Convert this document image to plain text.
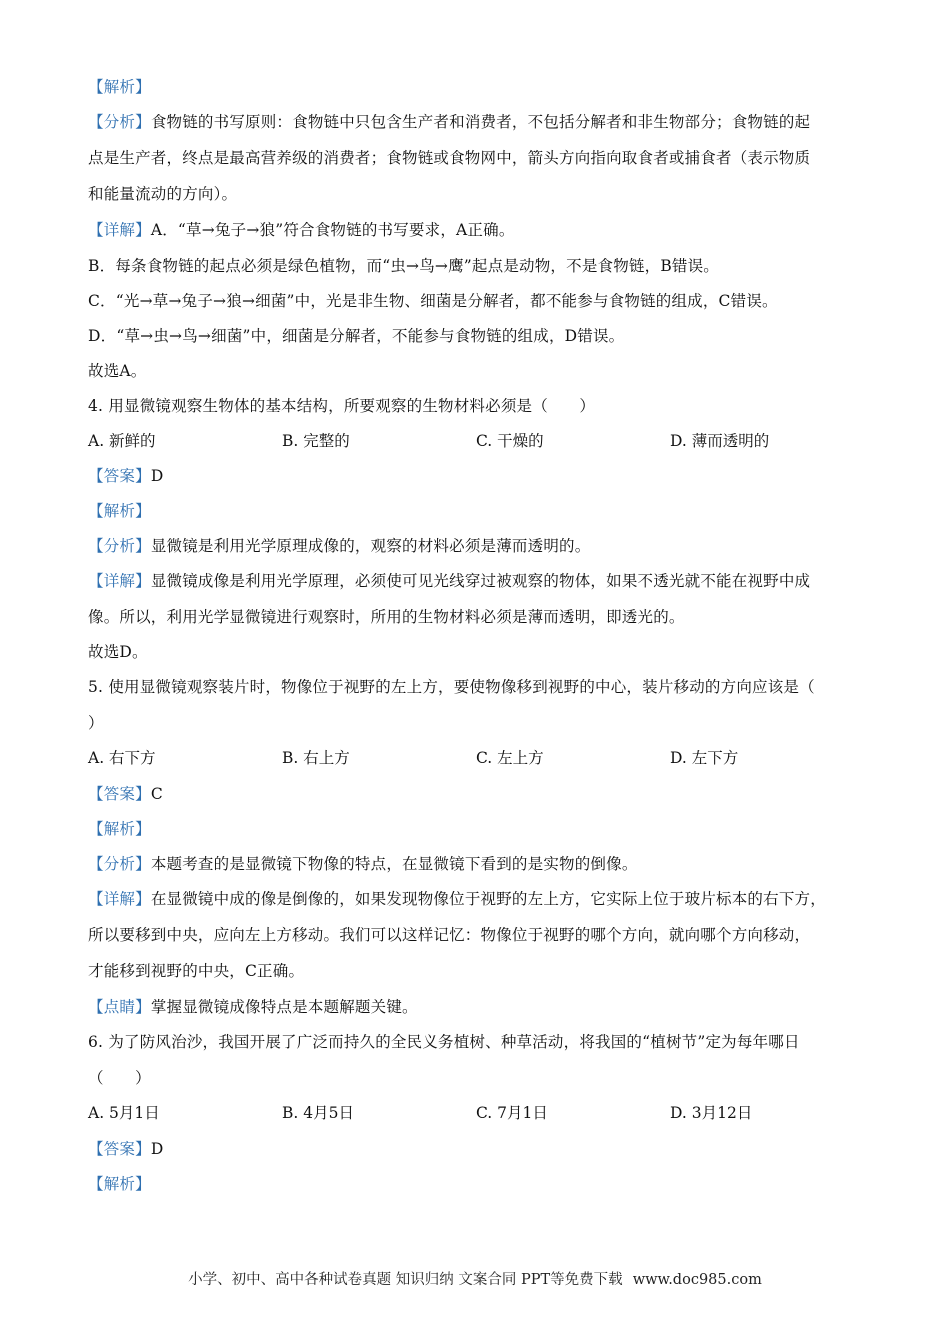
【解析】
【分析】食物链的书写原则：食物链中只包含生产者和消费者，不包括分解者和非生物部分；食物链的起
点是生产者，终点是最高营养级的消费者；食物链或食物网中，箭头方向指向取食者或捕食者（表示物质
和能量流动的方向）。
【详解】A．“草→兔子→狼”符合食物链的书写要求，A正确。
B．每条食物链的起点必须是绿色植物，而“虫→鸟→鹰”起点是动物，不是食物链，B错误。
C．“光→草→兔子→狼→细菌”中，光是非生物、细菌是分解者，都不能参与食物链的组成，C错误。
D．“草→虫→鸟→细菌”中，细菌是分解者，不能参与食物链的组成，D错误。
故选A。
4. 用显微镜观察生物体的基本结构，所要观察的生物材料必须是（　　）
A. 新鲜的	B. 完整的	C. 干燥的	D. 薄而透明的
【答案】D
【解析】
【分析】显微镜是利用光学原理成像的，观察的材料必须是薄而透明的。
【详解】显微镜成像是利用光学原理，必须使可见光线穿过被观察的物体，如果不透光就不能在视野中成
像。所以，利用光学显微镜进行观察时，所用的生物材料必须是薄而透明，即透光的。
故选D。
5. 使用显微镜观察装片时，物像位于视野的左上方，要使物像移到视野的中心，装片移动的方向应该是（
）
A. 右下方	B. 右上方	C. 左上方	D. 左下方
【答案】C
【解析】
【分析】本题考查的是显微镜下物像的特点，在显微镜下看到的是实物的倒像。
【详解】在显微镜中成的像是倒像的，如果发现物像位于视野的左上方，它实际上位于玻片标本的右下方，
所以要移到中央，应向左上方移动。我们可以这样记忆：物像位于视野的哪个方向，就向哪个方向移动，
才能移到视野的中央，C正确。
【点睛】掌握显微镜成像特点是本题解题关键。
6. 为了防风治沙，我国开展了广泛而持久的全民义务植树、种草活动，将我国的“植树节”定为每年哪日
（　　）
A. 5月1日	B. 4月5日	C. 7月1日	D. 3月12日
【答案】D
【解析】
小学、初中、高中各种试卷真题 知识归纳 文案合同 PPT等免费下载 www.doc985.com
